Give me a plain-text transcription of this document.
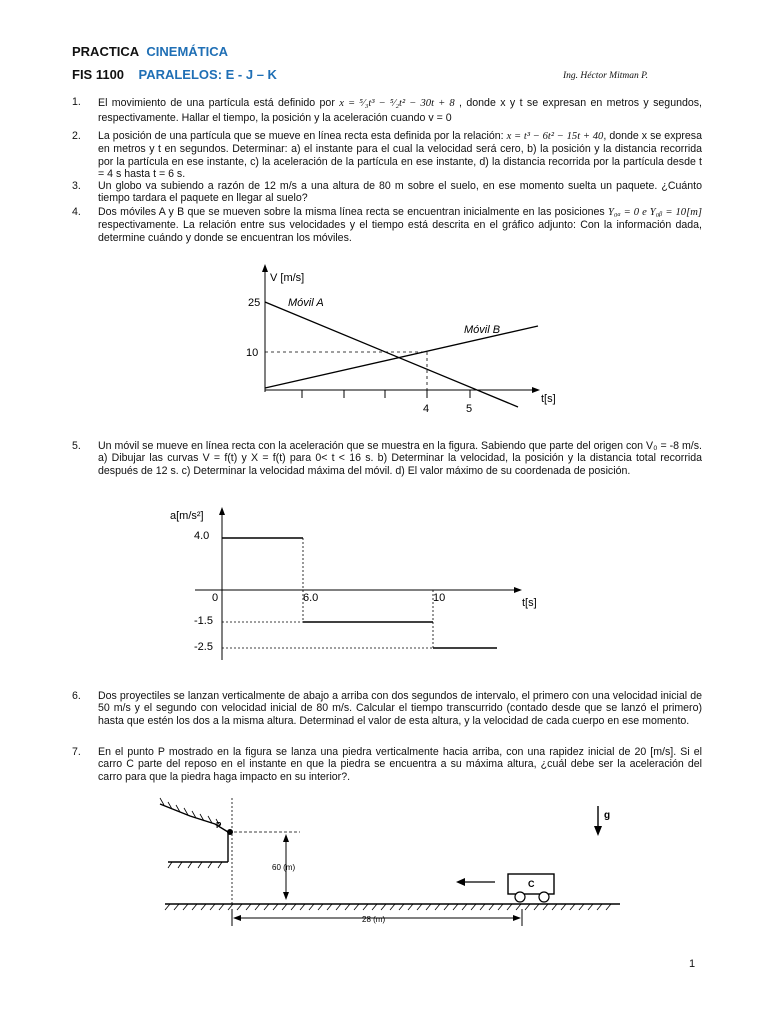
PRACTICA CINEMÁTICA
FIS 1100 PARALELOS: E - J – K	Ing. Héctor Mitman P.
1. El movimiento de una partícula está definido por x = ⁵⁄₃t³ − ⁵⁄₂t² − 30t + 8 , donde x y t se expresan en metros y segundos, respectivamente. Hallar el tiempo, la posición y la aceleración cuando v = 0
2. La posición de una partícula que se mueve en línea recta esta definida por la relación: x = t³ − 6t² − 15t + 40, donde x se expresa en metros y t en segundos. Determinar: a) el instante para el cual la velocidad será cero, b) la posición y la distancia recorrida por la partícula en ese instante, c) la aceleración de la partícula en ese instante, d) la distancia recorrida por la partícula desde t = 4 s hasta t = 6 s.
3. Un globo va subiendo a razón de 12 m/s a una altura de 80 m sobre el suelo, en ese momento suelta un paquete. ¿Cuánto tiempo tardara el paquete en llegar al suelo?
4. Dos móviles A y B que se mueven sobre la misma línea recta se encuentran inicialmente en las posiciones Y₀ₐ = 0 e Y₀ᵦ = 10[m] respectivamente. La relación entre sus velocidades y el tiempo está descrita en el gráfico adjunto: Con la información dada, determine cuándo y donde se encuentran los móviles.
V [m/s]
25
10
Móvil A
Móvil B
4	5
t[s]
5. Un móvil se mueve en línea recta con la aceleración que se muestra en la figura. Sabiendo que parte del origen con V₀ = -8 m/s. a) Dibujar las curvas V = f(t) y X = f(t) para 0< t < 16 s. b) Determinar la velocidad, la posición y la distancia total recorrida después de 12 s. c) Determinar la velocidad máxima del móvil. d) El valor máximo de su coordenada de posición.
a[m/s²]
4.0
-1.5
-2.5
0	6.0	10	t[s]
6. Dos proyectiles se lanzan verticalmente de abajo a arriba con dos segundos de intervalo, el primero con una velocidad inicial de 50 m/s y el segundo con velocidad inicial de 80 m/s. Calcular el tiempo transcurrido (contado desde que se lanzó el primero) hasta que estén los dos a la misma altura. Determinad el valor de esta altura, y la velocidad de cada cuerpo en ese momento.
7. En el punto P mostrado en la figura se lanza una piedra verticalmente hacia arriba, con una rapidez inicial de 20 [m/s]. Si el carro C parte del reposo en el instante en que la piedra se encuentra a su máxima altura, ¿cuál debe ser la aceleración del carro para que la piedra haga impacto en su interior?.
P
60 (m)
28 (m)
C
g
1
